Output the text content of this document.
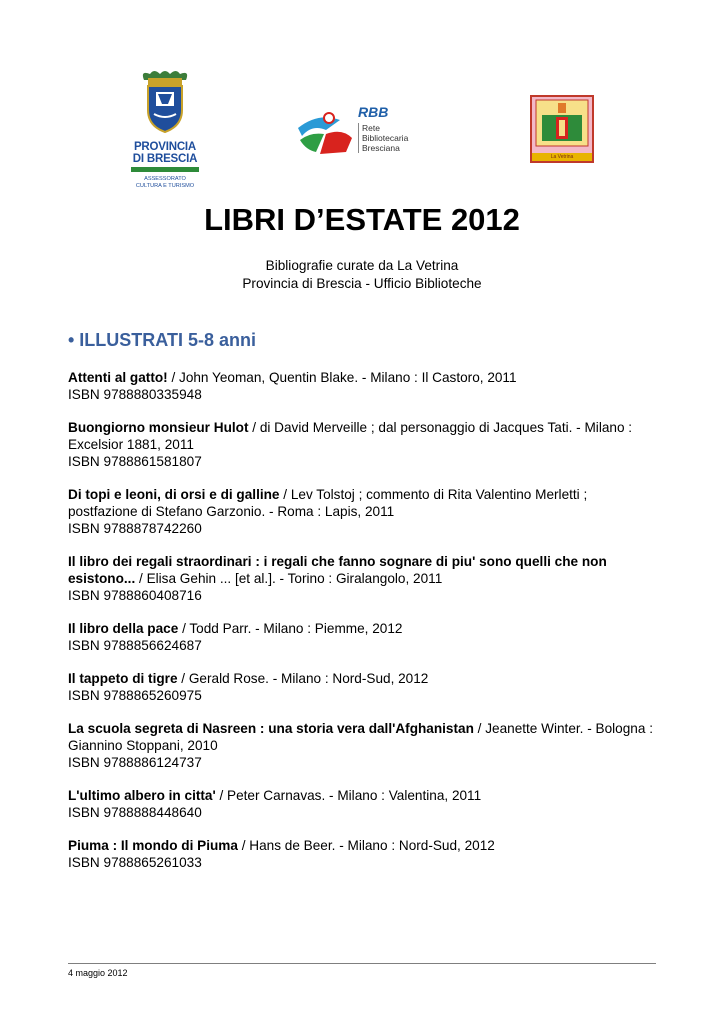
PROVINCIA
DI BRESCIA
ASSESSORATO
CULTURA E TURISMO
RBB
Rete
Bibliotecaria
Bresciana
La Vetrina
LIBRI D’ESTATE 2012
Bibliografie curate da La Vetrina
Provincia di Brescia - Ufficio Biblioteche
• ILLUSTRATI 5-8 anni
Attenti al gatto! / John Yeoman, Quentin Blake. - Milano : Il Castoro, 2011
ISBN 9788880335948
Buongiorno monsieur Hulot / di David Merveille ; dal personaggio di Jacques Tati. - Milano : Excelsior 1881, 2011
ISBN 9788861581807
Di topi e leoni, di orsi e di galline / Lev Tolstoj ; commento di Rita Valentino Merletti ; postfazione di Stefano Garzonio. - Roma : Lapis, 2011
ISBN 9788878742260
Il libro dei regali straordinari : i regali che fanno sognare di piu' sono quelli che non esistono... / Elisa Gehin ... [et al.]. - Torino : Giralangolo, 2011
ISBN 9788860408716
Il libro della pace / Todd Parr. - Milano : Piemme, 2012
ISBN 9788856624687
Il tappeto di tigre / Gerald Rose. - Milano : Nord-Sud, 2012
ISBN 9788865260975
La scuola segreta di Nasreen : una storia vera dall'Afghanistan / Jeanette Winter. - Bologna : Giannino Stoppani, 2010
ISBN 9788886124737
L'ultimo albero in citta' / Peter Carnavas. - Milano : Valentina, 2011
ISBN 9788888448640
Piuma : Il mondo di Piuma / Hans de Beer. - Milano : Nord-Sud, 2012
ISBN 9788865261033
4 maggio 2012
